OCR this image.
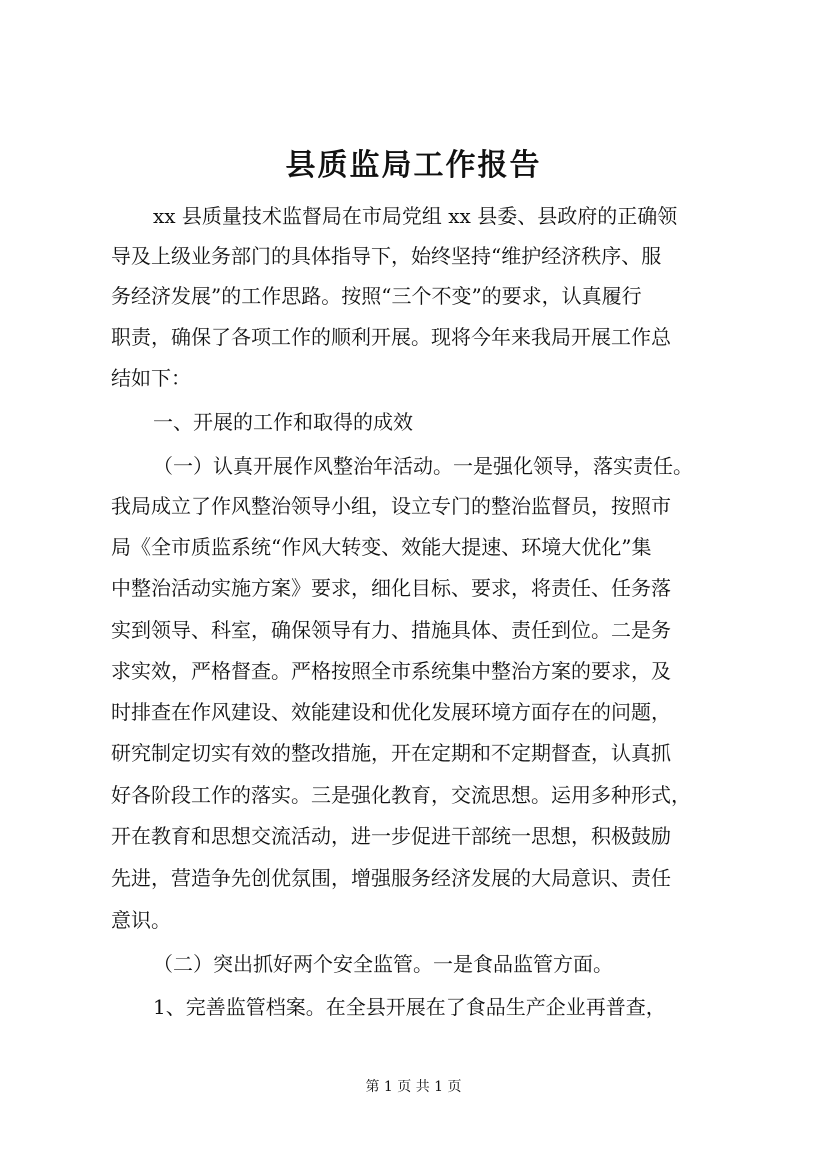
县质监局工作报告
xx 县质量技术监督局在市局党组 xx 县委、县政府的正确领
导及上级业务部门的具体指导下，始终坚持“维护经济秩序、服
务经济发展”的工作思路。按照“三个不变”的要求，认真履行
职责，确保了各项工作的顺利开展。现将今年来我局开展工作总
结如下：
一、开展的工作和取得的成效
（一）认真开展作风整治年活动。一是强化领导，落实责任。
我局成立了作风整治领导小组，设立专门的整治监督员，按照市
局《全市质监系统“作风大转变、效能大提速、环境大优化”集
中整治活动实施方案》要求，细化目标、要求，将责任、任务落
实到领导、科室，确保领导有力、措施具体、责任到位。二是务
求实效，严格督查。严格按照全市系统集中整治方案的要求，及
时排查在作风建设、效能建设和优化发展环境方面存在的问题，
研究制定切实有效的整改措施，开在定期和不定期督查，认真抓
好各阶段工作的落实。三是强化教育，交流思想。运用多种形式，
开在教育和思想交流活动，进一步促进干部统一思想，积极鼓励
先进，营造争先创优氛围，增强服务经济发展的大局意识、责任
意识。
（二）突出抓好两个安全监管。一是食品监管方面。
1、完善监管档案。在全县开展在了食品生产企业再普查，
第 1 页 共 1 页
